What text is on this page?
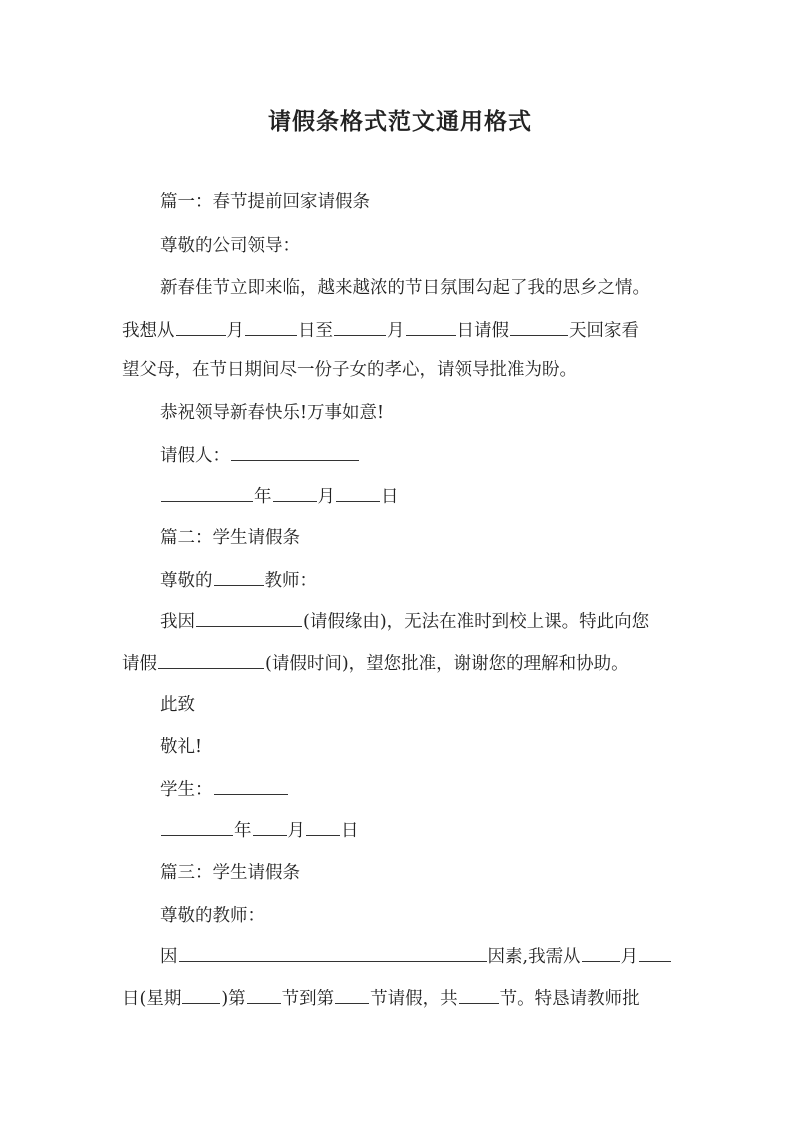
请假条格式范文通用格式
篇一：春节提前回家请假条
尊敬的公司领导：
新春佳节立即来临，越来越浓的节日氛围勾起了我的思乡之情。
我想从	月	日至	月	日请假	天回家看
望父母，在节日期间尽一份子女的孝心，请领导批准为盼。
恭祝领导新春快乐!万事如意!
请假人：
年	月	日
篇二：学生请假条
尊敬的	教师：
我因	(请假缘由)，无法在准时到校上课。特此向您
请假	(请假时间)，望您批准，谢谢您的理解和协助。
此致
敬礼!
学生：
年 月 日
篇三：学生请假条
尊敬的教师：
因	因素,我需从 月
日(星期 )第 节到第 节请假，共 节。特恳请教师批
